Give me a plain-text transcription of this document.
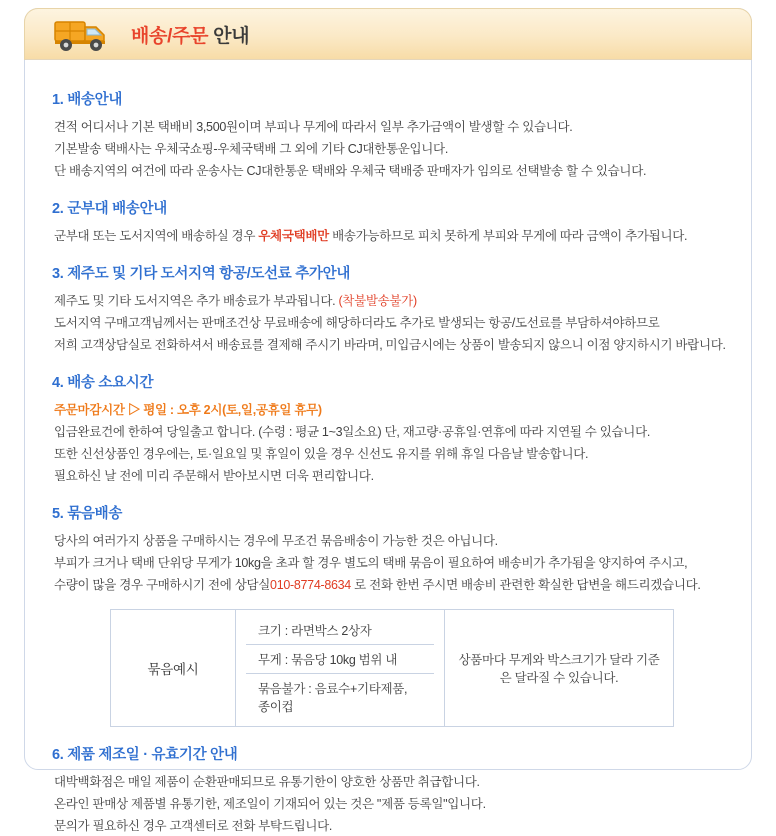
배송/주문 안내
1. 배송안내
견적 어디서나 기본 택배비 3,500원이며 부피나 무게에 따라서 일부 추가금액이 발생할 수 있습니다.
기본발송 택배사는 우체국쇼핑-우체국택배 그 외에 기타 CJ대한통운입니다.
단 배송지역의 여건에 따라 운송사는 CJ대한통운 택배와 우체국 택배중 판매자가 임의로 선택발송 할 수 있습니다.
2. 군부대 배송안내
군부대 또는 도서지역에 배송하실 경우 우체국택배만 배송가능하므로 피치 못하게 부피와 무게에 따라 금액이 추가됩니다.
3. 제주도 및 기타 도서지역 항공/도선료 추가안내
제주도 및 기타 도서지역은 추가 배송료가 부과됩니다. (착불발송불가)
도서지역 구매고객님께서는 판매조건상 무료배송에 해당하더라도 추가로 발생되는 항공/도선료를 부담하셔야하므로
저희 고객상담실로 전화하셔서 배송료를 결제해 주시기 바라며, 미입금시에는 상품이 발송되지 않으니 이점 양지하시기 바랍니다.
4. 배송 소요시간
주문마감시간 ▷ 평일 : 오후 2시(토,일,공휴일 휴무)
입금완료건에 한하여 당일출고 합니다. (수령 : 평균 1~3일소요) 단, 재고량·공휴일·연휴에 따라 지연될 수 있습니다.
또한 신선상품인 경우에는, 토·일요일 및 휴일이 있을 경우 신선도 유지를 위해 휴일 다음날 발송합니다.
필요하신 날 전에 미리 주문해서 받아보시면 더욱 편리합니다.
5. 묶음배송
당사의 여러가지 상품을 구매하시는 경우에 무조건 묶음배송이 가능한 것은 아닙니다.
부피가 크거나 택배 단위당 무게가 10kg을 초과 할 경우 별도의 택배 묶음이 필요하여 배송비가 추가됨을 양지하여 주시고,
수량이 많을 경우 구매하시기 전에 상담실010-8774-8634 로 전화 한번 주시면 배송비 관련한 확실한 답변을 해드리겠습니다.
묶음예시	
크기 : 라면박스 2상자
무게 : 묶음당 10kg 범위 내
묶음불가 : 음료수+기타제품, 종이컵
	상품마다 무게와 박스크기가 달라 기준은 달라질 수 있습니다.
6. 제품 제조일 · 유효기간 안내
대박백화점은 매일 제품이 순환판매되므로 유통기한이 양호한 상품만 취급합니다.
온라인 판매상 제품별 유통기한, 제조일이 기재되어 있는 것은 "제품 등록일"입니다.
문의가 필요하신 경우 고객센터로 전화 부탁드립니다.
